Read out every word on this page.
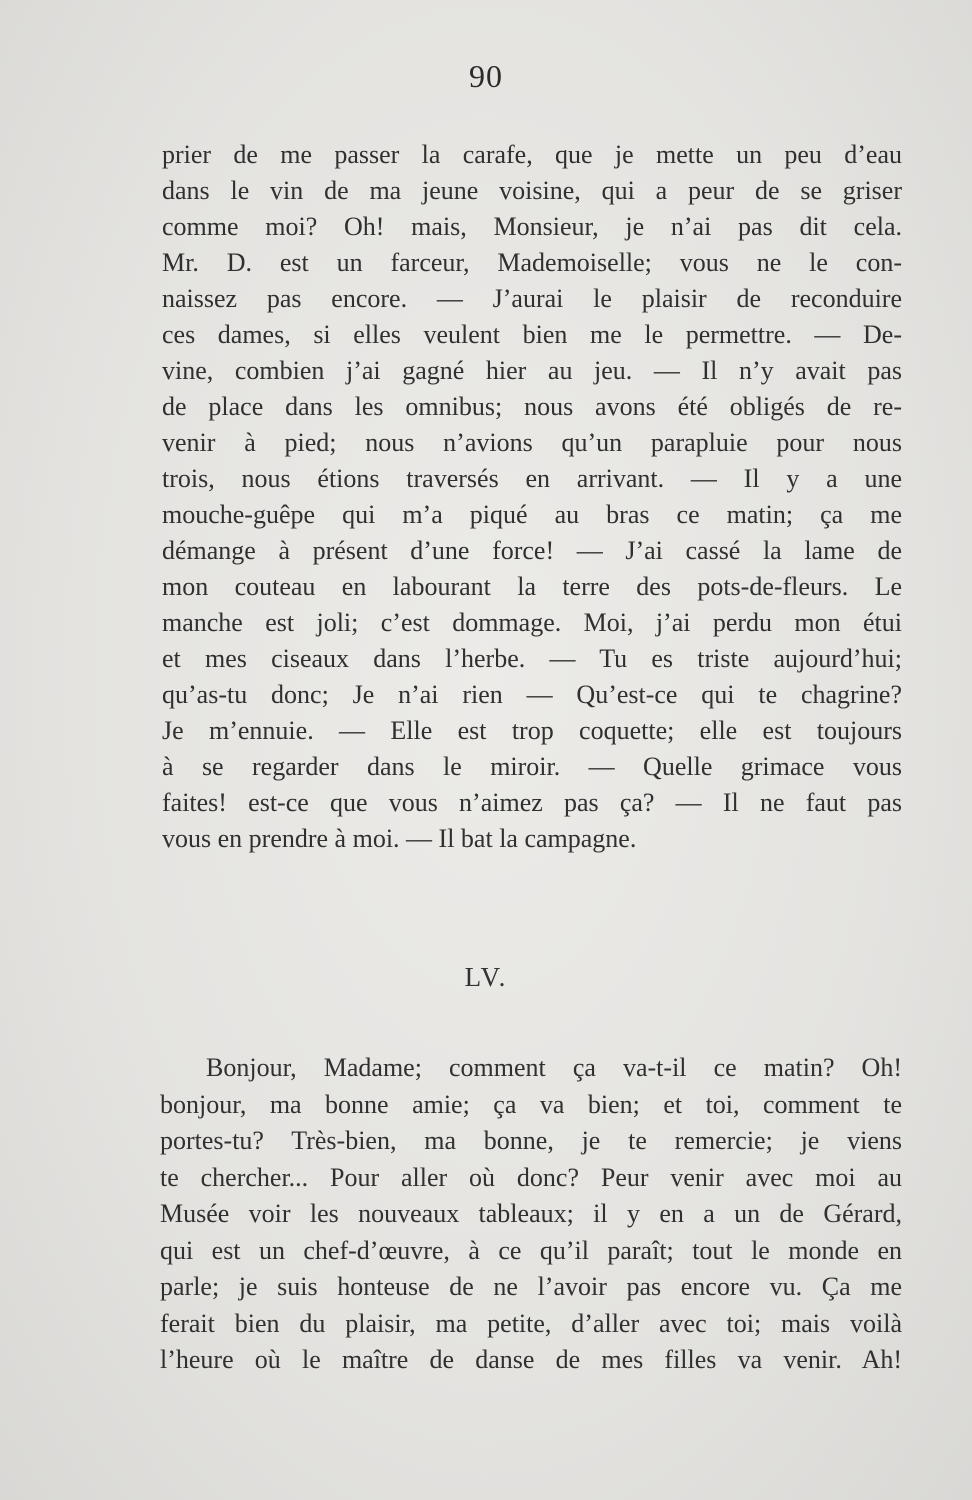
90
prier de me passer la carafe, que je mette un peu d’eau
dans le vin de ma jeune voisine, qui a peur de se griser
comme moi? Oh! mais, Monsieur, je n’ai pas dit cela.
Mr. D. est un farceur, Mademoiselle; vous ne le con-
naissez pas encore. — J’aurai le plaisir de reconduire
ces dames, si elles veulent bien me le permettre. — De-
vine, combien j’ai gagné hier au jeu. — Il n’y avait pas
de place dans les omnibus; nous avons été obligés de re-
venir à pied; nous n’avions qu’un parapluie pour nous
trois, nous étions traversés en arrivant. — Il y a une
mouche-guêpe qui m’a piqué au bras ce matin; ça me
démange à présent d’une force! — J’ai cassé la lame de
mon couteau en labourant la terre des pots-de-fleurs. Le
manche est joli; c’est dommage. Moi, j’ai perdu mon étui
et mes ciseaux dans l’herbe. — Tu es triste aujourd’hui;
qu’as-tu donc; Je n’ai rien — Qu’est-ce qui te chagrine?
Je m’ennuie. — Elle est trop coquette; elle est toujours
à se regarder dans le miroir. — Quelle grimace vous
faites! est-ce que vous n’aimez pas ça? — Il ne faut pas
vous en prendre à moi. — Il bat la campagne.
LV.
Bonjour, Madame; comment ça va-t-il ce matin? Oh!
bonjour, ma bonne amie; ça va bien; et toi, comment te
portes-tu? Très-bien, ma bonne, je te remercie; je viens
te chercher... Pour aller où donc? Peur venir avec moi au
Musée voir les nouveaux tableaux; il y en a un de Gérard,
qui est un chef-d’œuvre, à ce qu’il paraît; tout le monde en
parle; je suis honteuse de ne l’avoir pas encore vu. Ça me
ferait bien du plaisir, ma petite, d’aller avec toi; mais voilà
l’heure où le maître de danse de mes filles va venir. Ah!
